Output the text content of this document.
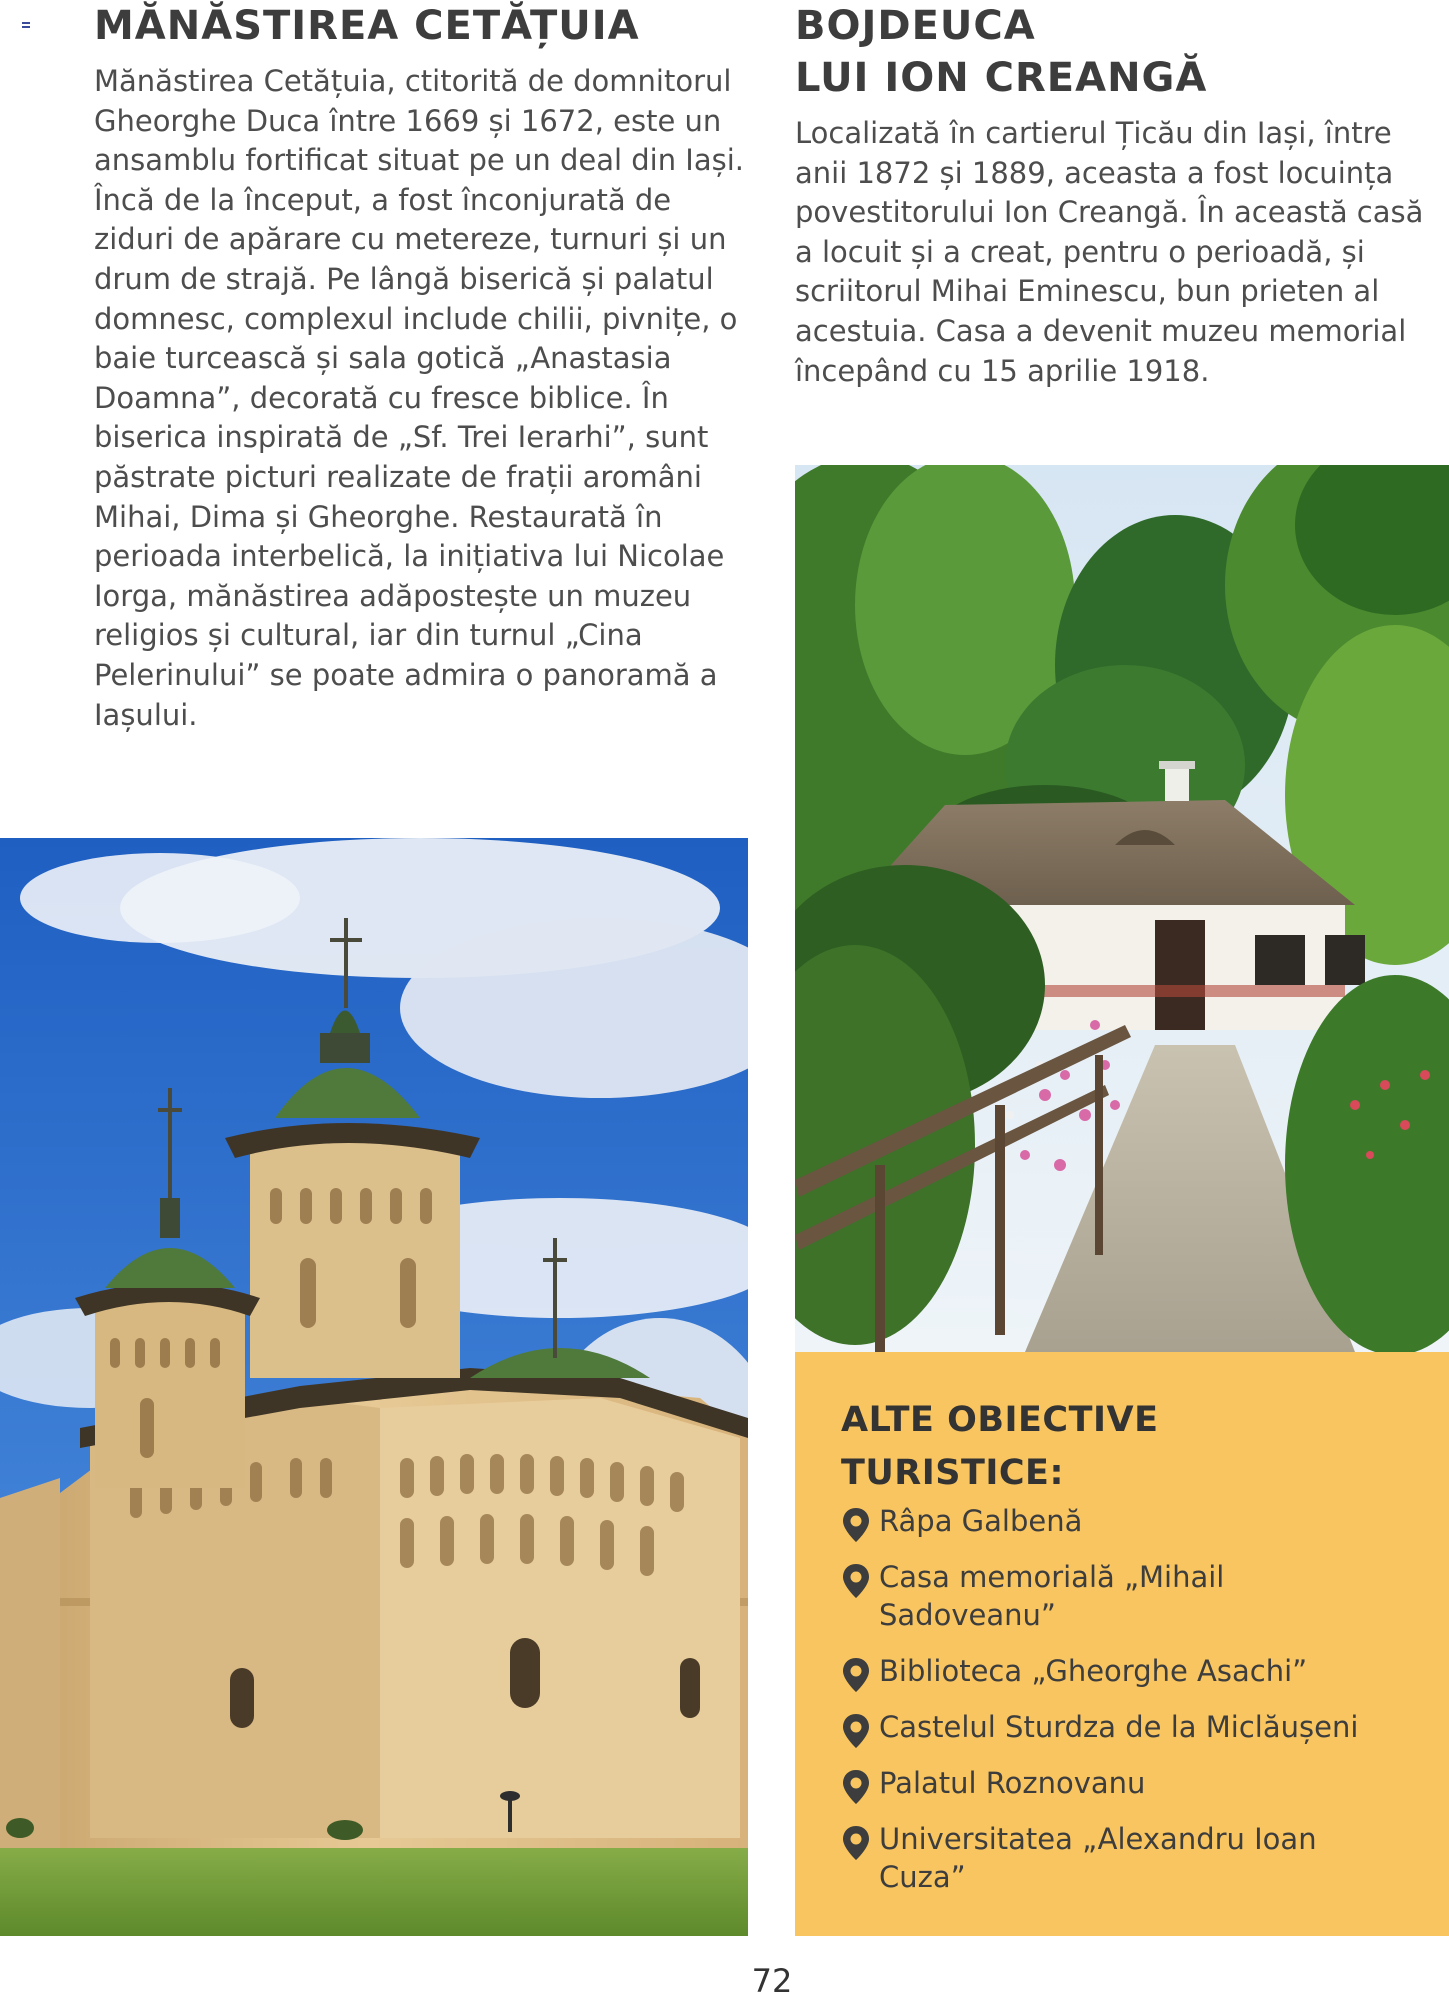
MĂNĂSTIREA CETĂȚUIA

Mănăstirea Cetățuia, ctitorită de domnitorul Gheorghe Duca între 1669 și 1672, este un ansamblu fortificat situat pe un deal din Iași. Încă de la început, a fost înconjurată de ziduri de apărare cu metereze, turnuri și un drum de strajă. Pe lângă biserică și palatul domnesc, complexul include chilii, pivnițe, o baie turcească și sala gotică „Anastasia Doamna”, decorată cu fresce biblice. În biserica inspirată de „Sf. Trei Ierarhi”, sunt păstrate picturi realizate de frații aromâni Mihai, Dima și Gheorghe. Restaurată în perioada interbelică, la inițiativa lui Nicolae Iorga, mănăstirea adăpostește un muzeu religios și cultural, iar din turnul „Cina Pelerinului” se poate admira o panoramă a Iașului.

BOJDEUCA
LUI ION CREANGĂ

Localizată în cartierul Țicău din Iași, între anii 1872 și 1889, aceasta a fost locuința povestitorului Ion Creangă. În această casă a locuit și a creat, pentru o perioadă, și scriitorul Mihai Eminescu, bun prieten al acestuia. Casa a devenit muzeu memorial începând cu 15 aprilie 1918.

ALTE OBIECTIVE
TURISTICE:
Râpa Galbenă
Casa memorială „Mihail Sadoveanu”
Biblioteca „Gheorghe Asachi”
Castelul Sturdza de la Miclăușeni
Palatul Roznovanu
Universitatea „Alexandru Ioan Cuza”
72
